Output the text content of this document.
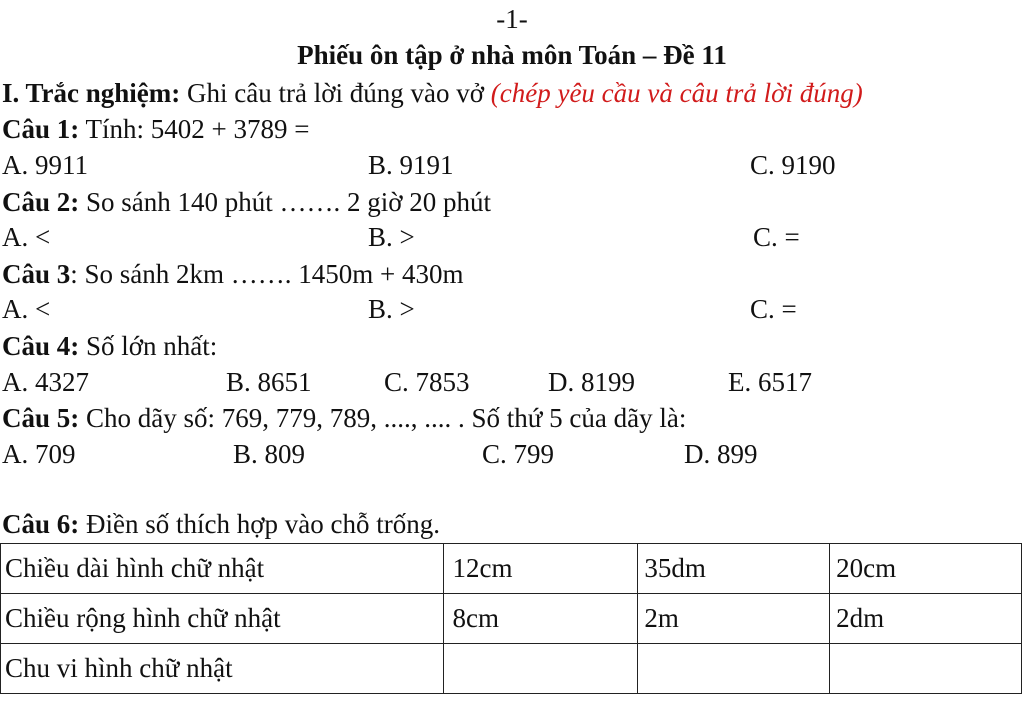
-1-
Phiếu ôn tập ở nhà môn Toán – Đề 11
I. Trắc nghiệm: Ghi câu trả lời đúng vào vở (chép yêu cầu và câu trả lời đúng)
Câu 1: Tính: 5402 + 3789 =
A. 9911	B. 9191	C. 9190
Câu 2: So sánh 140 phút ……. 2 giờ 20 phút
A. <	B. >	C. =
Câu 3: So sánh 2km ……. 1450m + 430m
A. <	B. >	C. =
Câu 4: Số lớn nhất:
A. 4327	B. 8651	C. 7853	D. 8199	E. 6517
Câu 5: Cho dãy số: 769, 779, 789, ...., .... . Số thứ 5 của dãy là:
A. 709	B. 809	C. 799	D. 899
Câu 6: Điền số thích hợp vào chỗ trống.
Chiều dài hình chữ nhật	12cm	35dm	20cm
Chiều rộng hình chữ nhật	8cm	2m	2dm
Chu vi hình chữ nhật			
